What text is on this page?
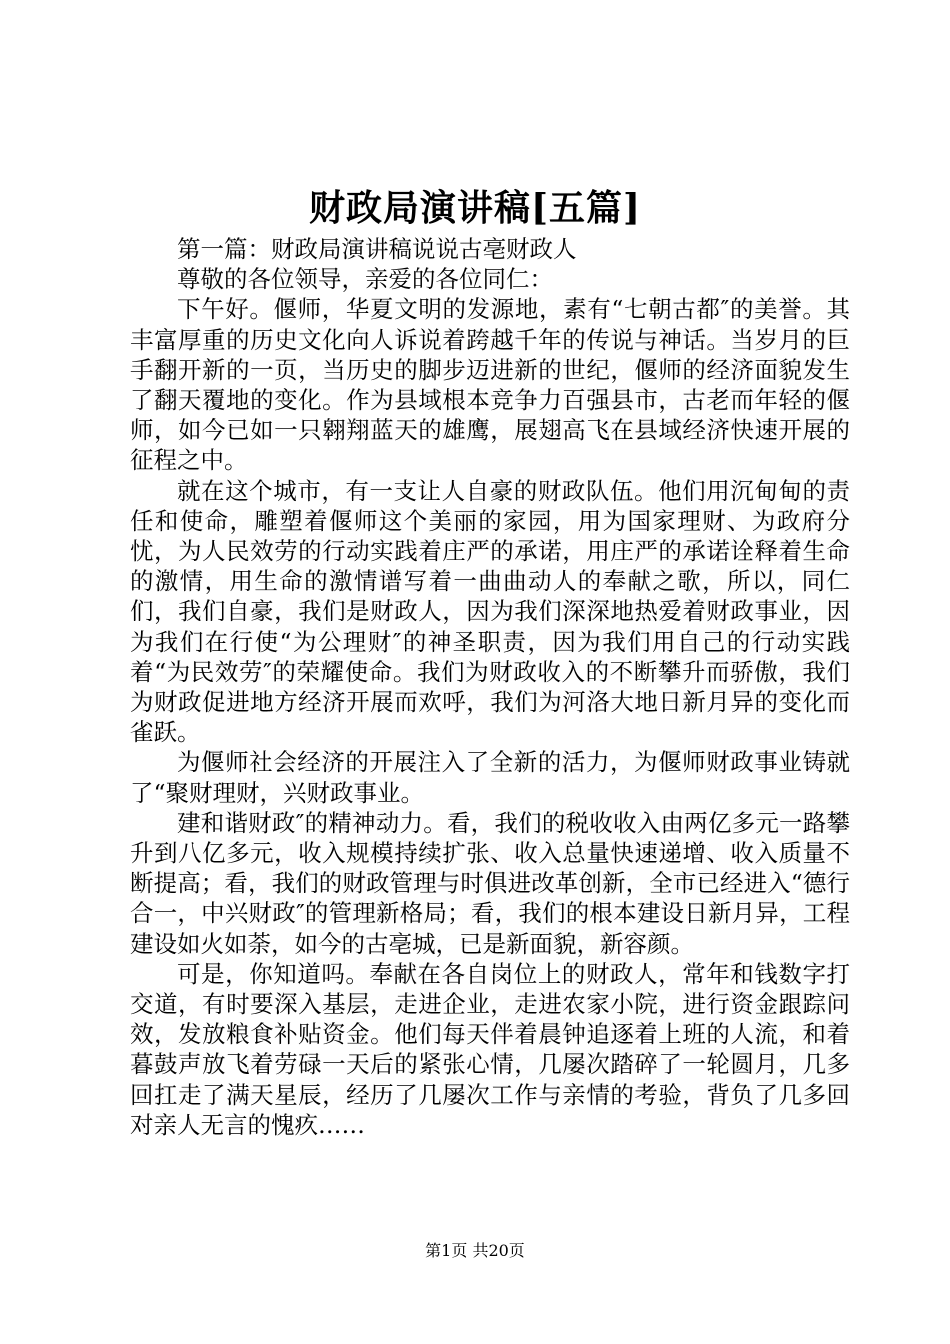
财政局演讲稿[五篇]

第一篇：财政局演讲稿说说古亳财政人

尊敬的各位领导，亲爱的各位同仁：

下午好。偃师，华夏文明的发源地，素有“七朝古都″的美誉。其丰富厚重的历史文化向人诉说着跨越千年的传说与神话。当岁月的巨手翻开新的一页，当历史的脚步迈进新的世纪，偃师的经济面貌发生了翻天覆地的变化。作为县域根本竞争力百强县市，古老而年轻的偃师，如今已如一只翱翔蓝天的雄鹰，展翅高飞在县域经济快速开展的征程之中。

就在这个城市，有一支让人自豪的财政队伍。他们用沉甸甸的责任和使命，雕塑着偃师这个美丽的家园，用为国家理财、为政府分忧，为人民效劳的行动实践着庄严的承诺，用庄严的承诺诠释着生命的激情，用生命的激情谱写着一曲曲动人的奉献之歌，所以，同仁们，我们自豪，我们是财政人，因为我们深深地热爱着财政事业，因为我们在行使“为公理财″的神圣职责，因为我们用自己的行动实践着“为民效劳″的荣耀使命。我们为财政收入的不断攀升而骄傲，我们为财政促进地方经济开展而欢呼，我们为河洛大地日新月异的变化而雀跃。

为偃师社会经济的开展注入了全新的活力，为偃师财政事业铸就了“聚财理财，兴财政事业。

建和谐财政″的精神动力。看，我们的税收收入由两亿多元一路攀升到八亿多元，收入规模持续扩张、收入总量快速递增、收入质量不断提高；看，我们的财政管理与时俱进改革创新，全市已经进入“德行合一，中兴财政″的管理新格局；看，我们的根本建设日新月异，工程建设如火如荼，如今的古亳城，已是新面貌，新容颜。

可是，你知道吗。奉献在各自岗位上的财政人，常年和钱数字打交道，有时要深入基层，走进企业，走进农家小院，进行资金跟踪问效，发放粮食补贴资金。他们每天伴着晨钟追逐着上班的人流，和着暮鼓声放飞着劳碌一天后的紧张心情，几屡次踏碎了一轮圆月，几多回扛走了满天星辰，经历了几屡次工作与亲情的考验，背负了几多回对亲人无言的愧疚……

第1页 共20页
